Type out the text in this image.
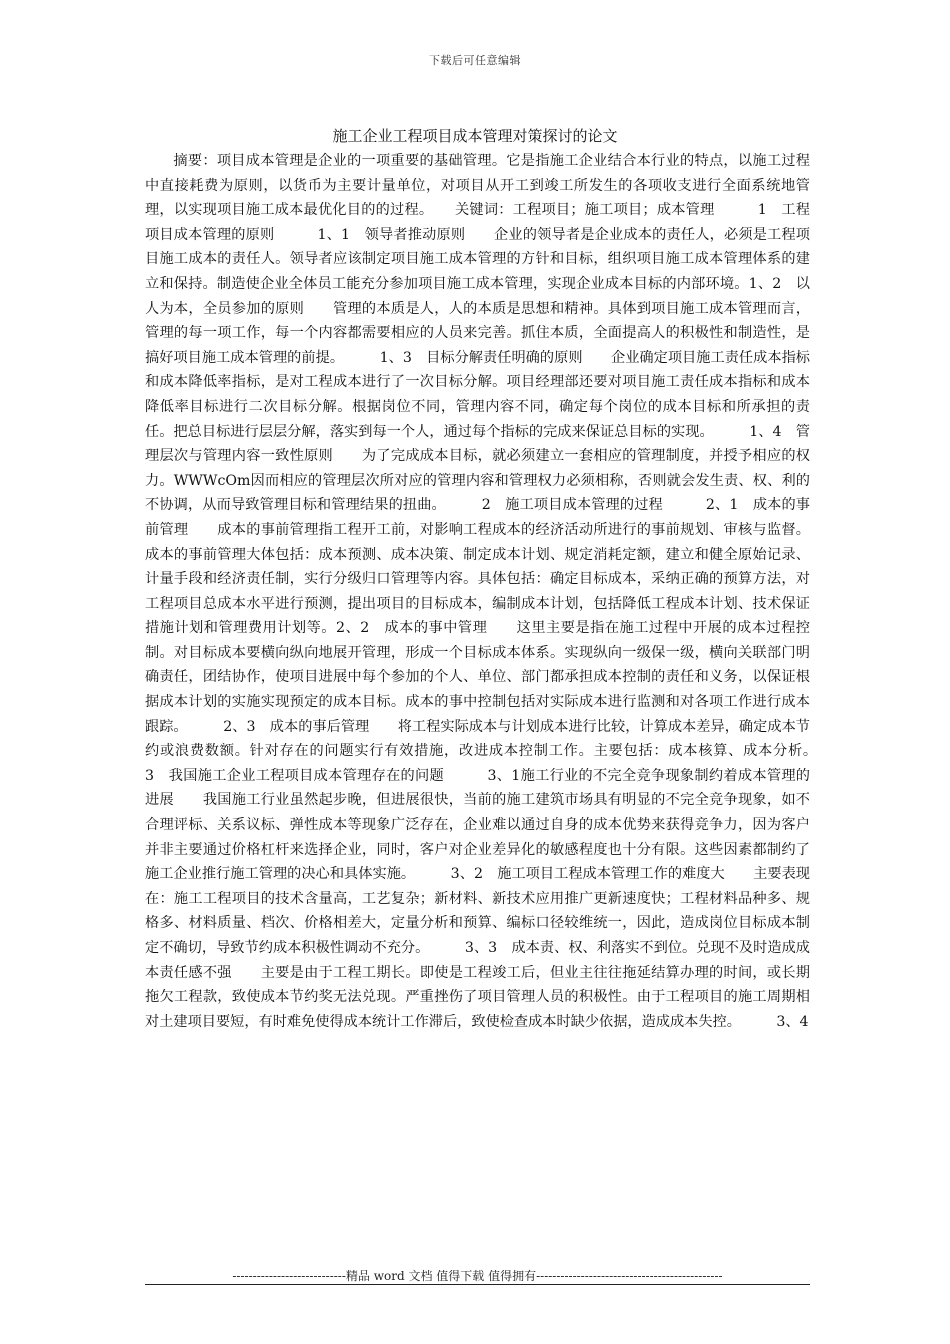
下载后可任意编辑
施工企业工程项目成本管理对策探讨的论文

摘要：项目成本管理是企业的一项重要的基础管理。它是指施工企业结合本行业的特点，以施工过程中直接耗费为原则，以货币为主要计量单位，对项目从开工到竣工所发生的各项收支进行全面系统地管理，以实现项目施工成本最优化目的的过程。　　关键词：工程项目；施工项目；成本管理　　　1　工程项目成本管理的原则　　　1、1　领导者推动原则　　企业的领导者是企业成本的责任人，必须是工程项目施工成本的责任人。领导者应该制定项目施工成本管理的方针和目标，组织项目施工成本管理体系的建立和保持。制造使企业全体员工能充分参加项目施工成本管理，实现企业成本目标的内部环境。1、2　以人为本，全员参加的原则　　管理的本质是人，人的本质是思想和精神。具体到项目施工成本管理而言，管理的每一项工作，每一个内容都需要相应的人员来完善。抓住本质，全面提高人的积极性和制造性，是搞好项目施工成本管理的前提。　　　1、3　目标分解责任明确的原则　　企业确定项目施工责任成本指标和成本降低率指标，是对工程成本进行了一次目标分解。项目经理部还要对项目施工责任成本指标和成本降低率目标进行二次目标分解。根据岗位不同，管理内容不同，确定每个岗位的成本目标和所承担的责任。把总目标进行层层分解，落实到每一个人，通过每个指标的完成来保证总目标的实现。　　　1、4　管理层次与管理内容一致性原则　　为了完成成本目标，就必须建立一套相应的管理制度，并授予相应的权力。WWWcOm因而相应的管理层次所对应的管理内容和管理权力必须相称，否则就会发生责、权、利的不协调，从而导致管理目标和管理结果的扭曲。　　　2　施工项目成本管理的过程　　　2、1　成本的事前管理　　成本的事前管理指工程开工前，对影响工程成本的经济活动所进行的事前规划、审核与监督。成本的事前管理大体包括：成本预测、成本决策、制定成本计划、规定消耗定额，建立和健全原始记录、计量手段和经济责任制，实行分级归口管理等内容。具体包括：确定目标成本，采纳正确的预算方法，对工程项目总成本水平进行预测，提出项目的目标成本，编制成本计划，包括降低工程成本计划、技术保证措施计划和管理费用计划等。2、2　成本的事中管理　　这里主要是指在施工过程中开展的成本过程控制。对目标成本要横向纵向地展开管理，形成一个目标成本体系。实现纵向一级保一级，横向关联部门明确责任，团结协作，使项目进展中每个参加的个人、单位、部门都承担成本控制的责任和义务，以保证根据成本计划的实施实现预定的成本目标。成本的事中控制包括对实际成本进行监测和对各项工作进行成本跟踪。　　　2、3　成本的事后管理　　将工程实际成本与计划成本进行比较，计算成本差异，确定成本节约或浪费数额。针对存在的问题实行有效措施，改进成本控制工作。主要包括：成本核算、成本分析。　　　3　我国施工企业工程项目成本管理存在的问题　　　3、1施工行业的不完全竞争现象制约着成本管理的进展　　我国施工行业虽然起步晚，但进展很快，当前的施工建筑市场具有明显的不完全竞争现象，如不合理评标、关系议标、弹性成本等现象广泛存在，企业难以通过自身的成本优势来获得竞争力，因为客户并非主要通过价格杠杆来选择企业，同时，客户对企业差异化的敏感程度也十分有限。这些因素都制约了施工企业推行施工管理的决心和具体实施。　　　3、2　施工项目工程成本管理工作的难度大　　主要表现在：施工工程项目的技术含量高，工艺复杂；新材料、新技术应用推广更新速度快；工程材料品种多、规格多、材料质量、档次、价格相差大，定量分析和预算、编标口径较维统一，因此，造成岗位目标成本制定不确切，导致节约成本积极性调动不充分。　　　3、3　成本责、权、利落实不到位。兑现不及时造成成本责任感不强　　主要是由于工程工期长。即使是工程竣工后，但业主往往拖延结算办理的时间，或长期拖欠工程款，致使成本节约奖无法兑现。严重挫伤了项目管理人员的积极性。由于工程项目的施工周期相对土建项目要短，有时难免使得成本统计工作滞后，致使检查成本时缺少依据，造成成本失控。　　　3、4

----------------------------精品 word 文档 值得下载 值得拥有----------------------------------------------
